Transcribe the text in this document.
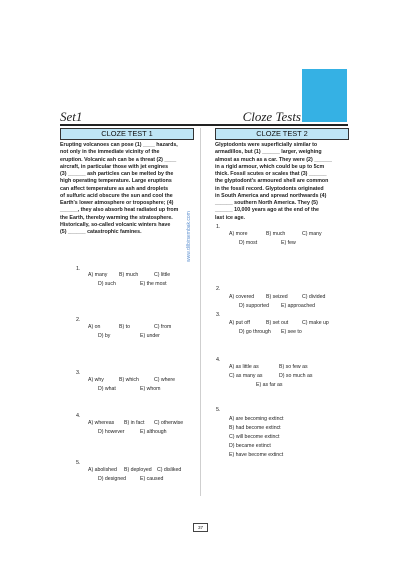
Set1	Cloze Tests
CLOZE TEST 1
Erupting volcanoes can pose (1) ____ hazards,
not only in the immediate vicinity of the
eruption. Volcanic ash can be a threat (2) ____
aircraft, in particular those with jet engines
(3) ______ ash particles can be melted by the
high operating temperature. Large eruptions
can affect temperature as ash and droplets
of sulfuric acid obscure the sun and cool the
Earth's lower atmosphere or troposphere; (4)
______, they also absorb heat radiated up from
the Earth, thereby warming the stratosphere.
Historically, so-called volcanic winters have
(5) ______ catastrophic famines.
1.
A) many B) much	C) little
D) such	E) the most
2.
A) on	B) to	C) from
D) by	E) under
3.
A) why	B) which	C) where
D) what	E) whom
4.
A) whereas B) in fact C) otherwise
D) however	E) although
5.
A) abolished B) deployed C) disliked
D) designed	E) caused
www.dilbirsembak.com
CLOZE TEST 2
Glyptodonts were superficially similar to
armadillos, but (1) ______ larger, weighing
almost as much as a car. They were (2) ______
in a rigid armour, which could be up to 5cm
thick. Fossil scutes or scales that (3) ______
the glyptodont's armoured shell are common
in the fossil record. Glyptodonts originated
in South America and spread northwards (4)
______ southern North America. They (5)
______ 10,000 years ago at the end of the
last ice age.
1.
A) more	B) much	C) many
D) most	E) few
2.
A) covered B) seized	C) divided
D) supported E) approached
3.
A) put off	B) set out	C) make up
D) go through E) see to
4.
A) as little as	B) so few as
C) as many as	D) so much as
E) as far as
5.
A) are becoming extinct
B) had become extinct
C) will become extinct
D) became extinct
E) have become extinct
37
